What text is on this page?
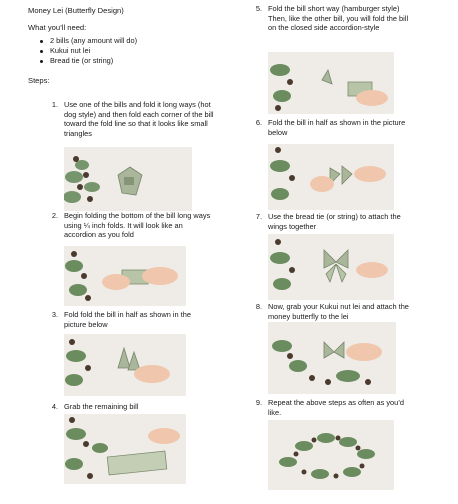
Money Lei (Butterfly Design)
What you’ll need:
2 bills (any amount will do)
Kukui nut lei
Bread tie (or string)
Steps:
1. Use one of the bills and fold it long ways (hot dog style) and then fold each corner of the bill toward the fold line so that it looks like small triangles
2. Begin folding the bottom of the bill long ways using ¼ inch folds. It will look like an accordion as you fold
3. Fold fold the bill in half as shown in the picture below
4. Grab the remaining bill
5. Fold the bill short way (hamburger style) Then, like the other bill, you will fold the bill on the closed side accordion-style
6. Fold the bill in half as shown in the picture below
7. Use the bread tie (or string) to attach the wings together
8. Now, grab your Kukui nut lei and attach the money butterfly to the lei
9. Repeat the above steps as often as you’d like.
